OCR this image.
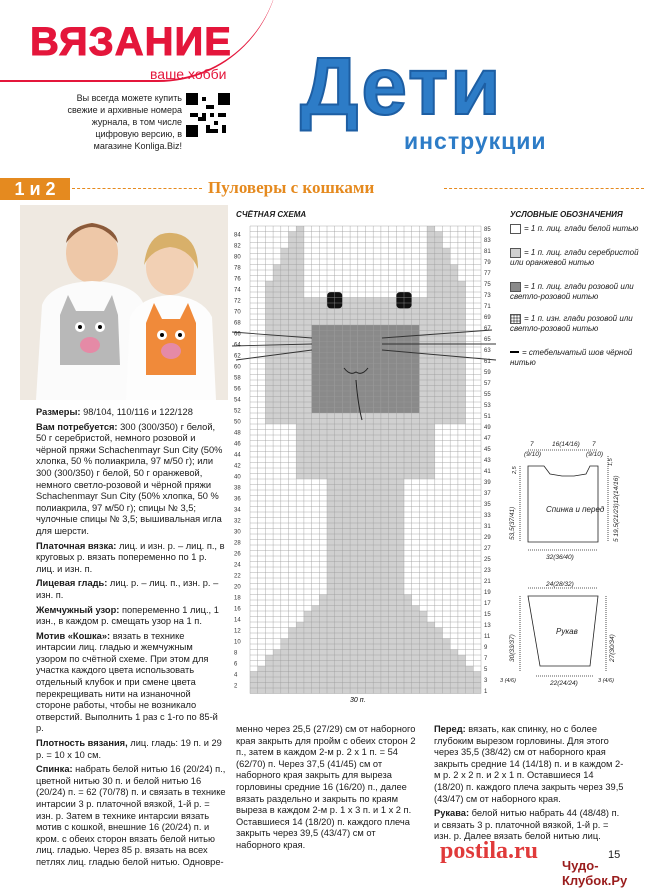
ВЯЗАНИЕ
ваше хобби
Вы всегда можете купить свежие и архивные номера журнала, в том числе цифровую версию, в магазине Konliga.Biz!
Дети
инструкции
1 и 2	Пуловеры с кошками
СЧЁТНАЯ СХЕМА
85
83
81
79
77
75
73
71
69
67
65
63
61
59
57
55
53
51
49
47
45
43
41
39
37
35
33
31
29
27
25
23
21
19
17
15
13
11
9
7
5
3
1
84
82
80
78
76
74
72
70
68
66
64
62
60
58
56
54
52
50
48
46
44
42
40
38
36
34
32
30
28
26
24
22
20
18
16
14
12
10
8
6
4
2
30 п.
УСЛОВНЫЕ ОБОЗНАЧЕНИЯ
= 1 п. лиц. глади белой нитью
= 1 п. лиц. глади серебристой или оранжевой нитью
= 1 п. лиц. глади розовой или светло-розовой нитью
= 1 п. изн. глади розовой или светло-розовой нитью
= стебельчатый шов чёрной нитью
7	16(14/16) 7
(9/10)	(9/10)
Спинка и перед
32(36/40)
24(28/32)
Рукав
22(24/24)
3 (4/6)	3 (4/6)
53,5(37/41)	5 19,5(21/23)12(14/16)
30(33/37)	27(30/34)
2,5
1,5

Размеры: 98/104, 110/116 и 122/128

Вам потребуется: 300 (300/350) г белой, 50 г серебристой, немного розовой и чёрной пряжи Schachenmayr Sun City (50% хлопка, 50 % полиакрила, 97 м/50 г); или 300 (300/350) г белой, 50 г оранжевой, немного светло-розовой и чёрной пряжи Schachenmayr Sun City (50% хлопка, 50 % полиакрила, 97 м/50 г); спицы № 3,5; чулочные спицы № 3,5; вышивальная игла для шерсти.

Платочная вязка: лиц. и изн. р. – лиц. п., в круговых р. вязать попеременно по 1 р. лиц. и изн. п.

Лицевая гладь: лиц. р. – лиц. п., изн. р. – изн. п.

Жемчужный узор: попеременно 1 лиц., 1 изн., в каждом р. смещать узор на 1 п.

Мотив «Кошка»: вязать в технике интарсии лиц. гладью и жемчужным узором по счётной схеме. При этом для участка каждого цвета использовать отдельный клубок и при смене цвета перекрещивать нити на изнаночной стороне работы, чтобы не возникало отверстий. Выполнить 1 раз с 1-го по 85-й р.

Плотность вязания, лиц. гладь: 19 п. и 29 р. = 10 х 10 см.

Спинка: набрать белой нитью 16 (20/24) п., цветной нитью 30 п. и белой нитью 16 (20/24) п. = 62 (70/78) п. и связать в технике интарсии 3 р. платочной вязкой, 1-й р. = изн. р. Затем в технике интарсии вязать мотив с кошкой, внешние 16 (20/24) п. и кром. с обеих сторон вязать белой нитью лиц. гладью. Через 85 р. вязать на всех петлях лиц. гладью белой нитью. Одновре-

менно через 25,5 (27/29) см от наборного края закрыть для пройм с обеих сторон 2 п., затем в каждом 2-м р. 2 х 1 п. = 54 (62/70) п. Через 37,5 (41/45) см от наборного края закрыть для выреза горловины средние 16 (16/20) п., далее вязать раздельно и закрыть по краям выреза в каждом 2-м р. 1 х 3 п. и 1 х 2 п. Оставшиеся 14 (18/20) п. каждого плеча закрыть через 39,5 (43/47) см от наборного края.

Перед: вязать, как спинку, но с более глубоким вырезом горловины. Для этого через 35,5 (38/42) см от наборного края закрыть средние 14 (14/18) п. и в каждом 2-м р. 2 х 2 п. и 2 х 1 п. Оставшиеся 14 (18/20) п. каждого плеча закрыть через 39,5 (43/47) см от наборного края.

Рукава: белой нитью набрать 44 (48/48) п. и связать 3 р. платочной вязкой, 1-й р. = изн. р. Далее вязать белой нитью лиц.

postila.ru
Чудо-Клубок.Ру
15
